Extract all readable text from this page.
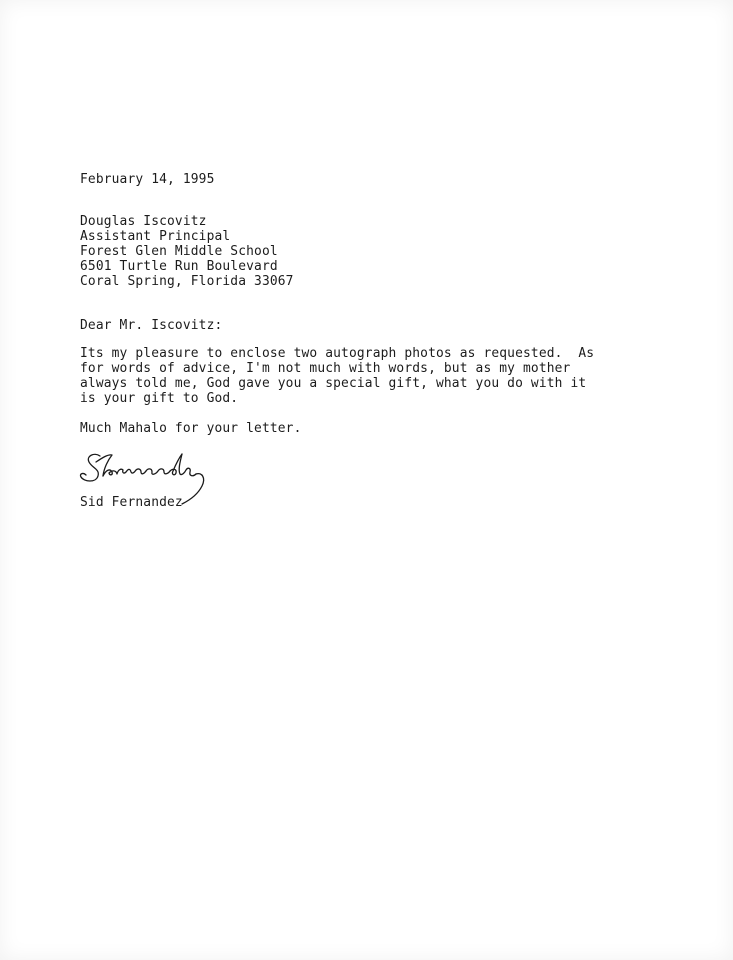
February 14, 1995
Douglas Iscovitz
Assistant Principal
Forest Glen Middle School
6501 Turtle Run Boulevard
Coral Spring, Florida 33067
Dear Mr. Iscovitz:
Its my pleasure to enclose two autograph photos as requested.  As
for words of advice, I'm not much with words, but as my mother
always told me, God gave you a special gift, what you do with it
is your gift to God.
Much Mahalo for your letter.
Sid Fernandez
